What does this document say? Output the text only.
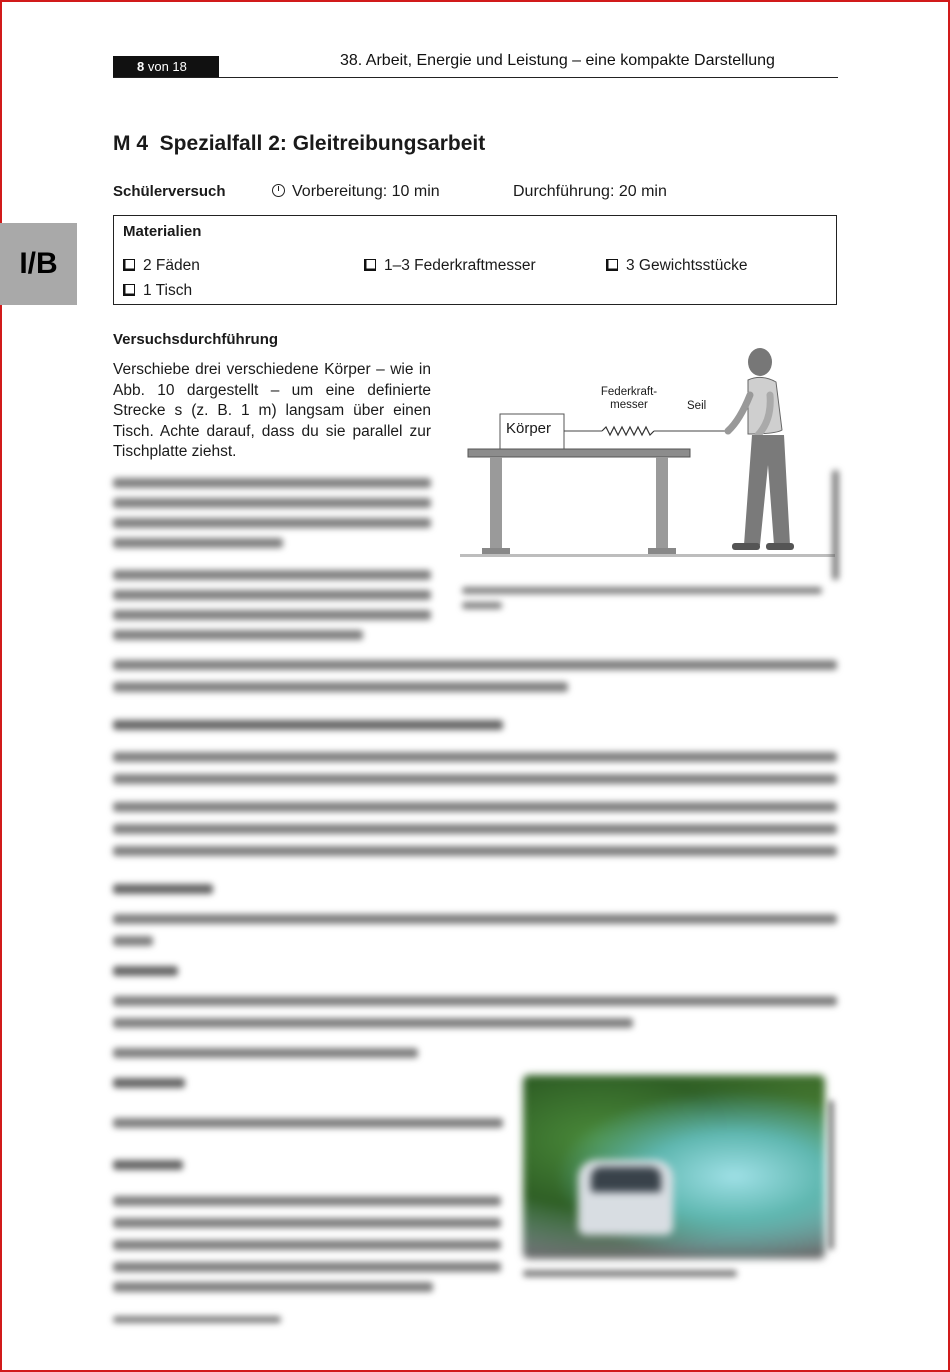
8 von 18	38. Arbeit, Energie und Leistung – eine kompakte Darstellung
I/B
M 4  Spezialfall 2: Gleitreibungsarbeit
Schülerversuch	Vorbereitung: 10 min	Durchführung: 20 min
Materialien
2 Fäden	1–3 Federkraftmesser	3 Gewichtsstücke
1 Tisch
Versuchsdurchführung
Verschiebe drei verschiedene Körper – wie in Abb. 10 dargestellt – um eine definierte Strecke s (z. B. 1 m) langsam über einen Tisch. Achte darauf, dass du sie parallel zur Tischplatte ziehst.
Körper
Federkraft-
messer	Seil
